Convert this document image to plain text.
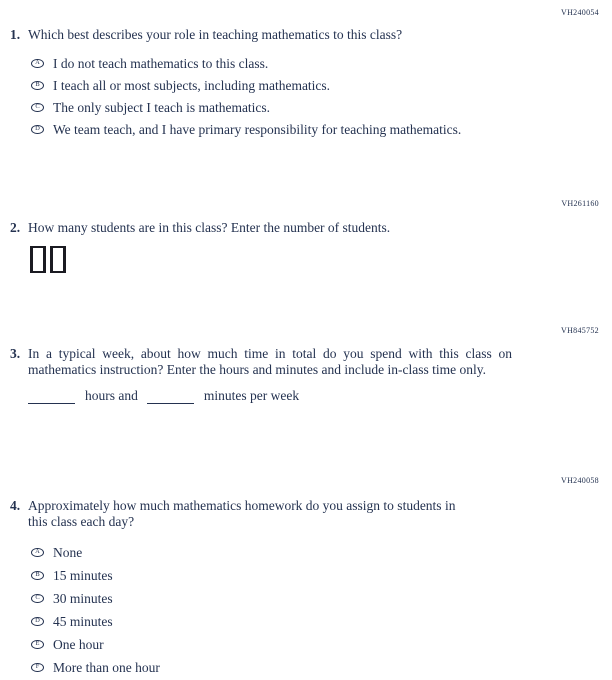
VH240054
1. Which best describes your role in teaching mathematics to this class?
A I do not teach mathematics to this class.
B I teach all or most subjects, including mathematics.
C The only subject I teach is mathematics.
D We team teach, and I have primary responsibility for teaching mathematics.
VH261160
2. How many students are in this class? Enter the number of students.
VH845752
3. In a typical week, about how much time in total do you spend with this class on mathematics instruction? Enter the hours and minutes and include in-class time only.
hours and	minutes per week
VH240058
4. Approximately how much mathematics homework do you assign to students in this class each day?
A None
B 15 minutes
C 30 minutes
D 45 minutes
E	One hour
F	More than one hour
